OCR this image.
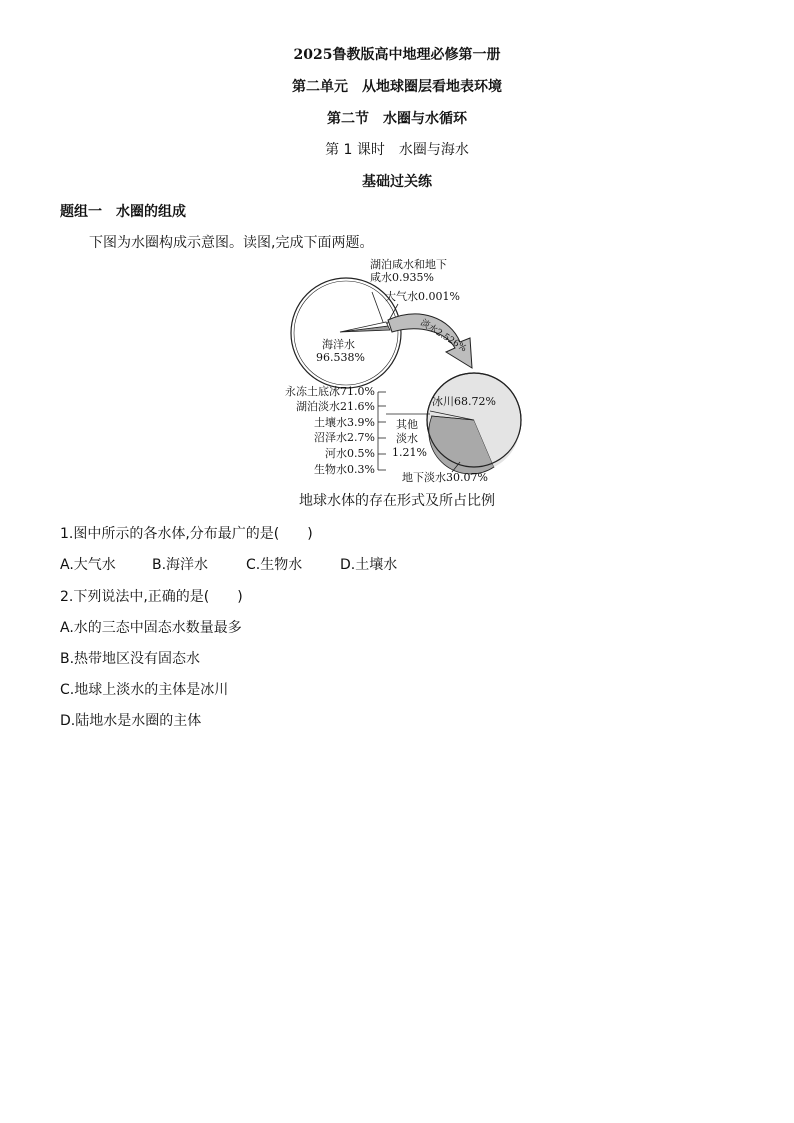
2025鲁教版高中地理必修第一册
第二单元　从地球圈层看地表环境
第二节　水圈与水循环
第 1 课时　水圈与海水
基础过关练
题组一　水圈的组成
下图为水圈构成示意图。读图,完成下面两题。
湖泊咸水和地下
咸水0.935%
大气水0.001%
海洋水
96.538%
淡水2.526%
冰川68.72%
地下淡水30.07%
其他
淡水
1.21%
永冻土底冰71.0%
湖泊淡水21.6%
土壤水3.9%
沼泽水2.7%
河水0.5%
生物水0.3%
地球水体的存在形式及所占比例
1.图中所示的各水体,分布最广的是(　　)
A.大气水	B.海洋水	C.生物水	D.土壤水
2.下列说法中,正确的是(　　)
A.水的三态中固态水数量最多
B.热带地区没有固态水
C.地球上淡水的主体是冰川
D.陆地水是水圈的主体
